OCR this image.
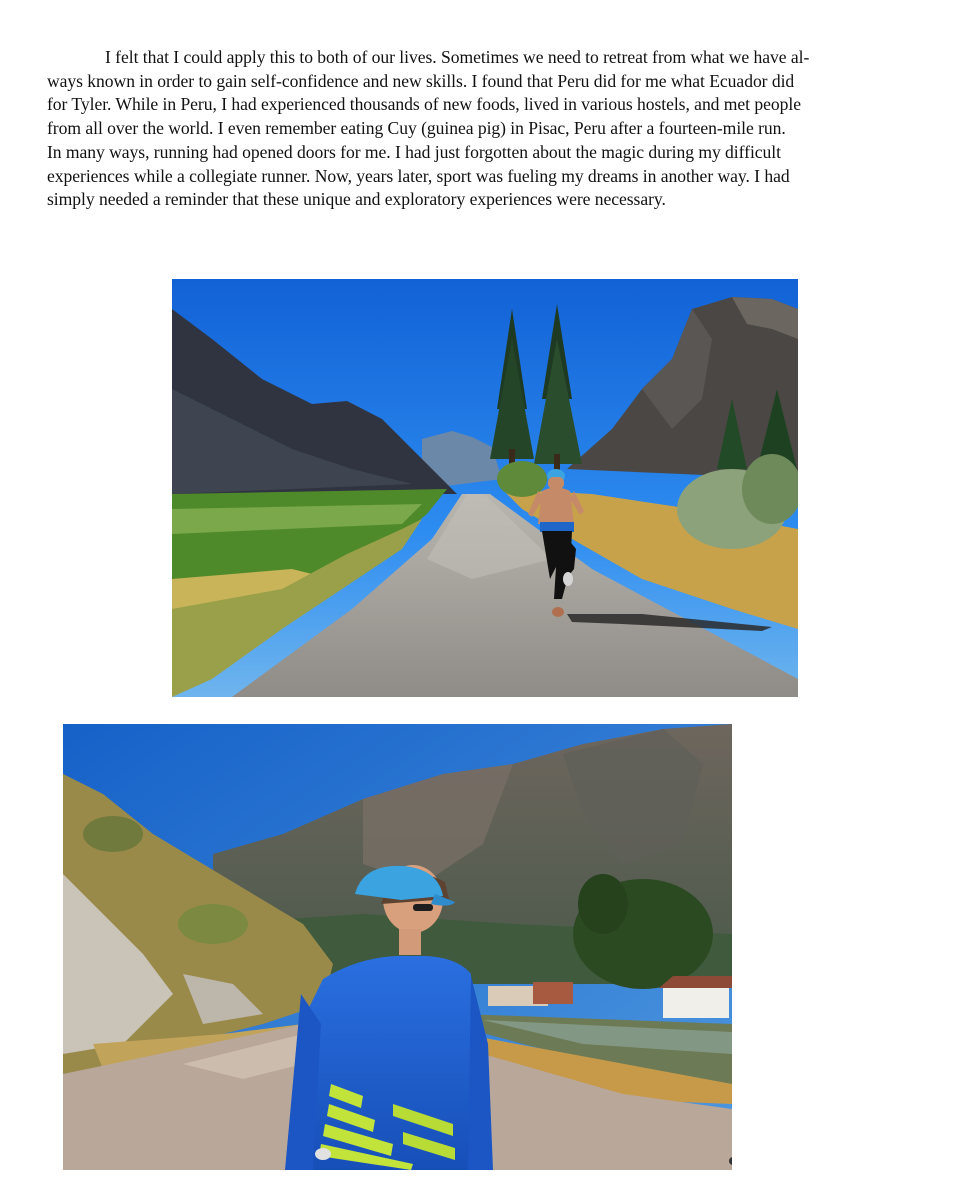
I felt that I could apply this to both of our lives. Sometimes we need to retreat from what we have al-
ways known in order to gain self-confidence and new skills. I found that Peru did for me what Ecuador did
for Tyler. While in Peru, I had experienced thousands of new foods, lived in various hostels, and met people
from all over the world. I even remember eating Cuy (guinea pig) in Pisac, Peru after a fourteen-mile run.
In many ways, running had opened doors for me. I had just forgotten about the magic during my difficult
experiences while a collegiate runner. Now, years later, sport was fueling my dreams in another way. I had
simply needed a reminder that these unique and exploratory experiences were necessary.
